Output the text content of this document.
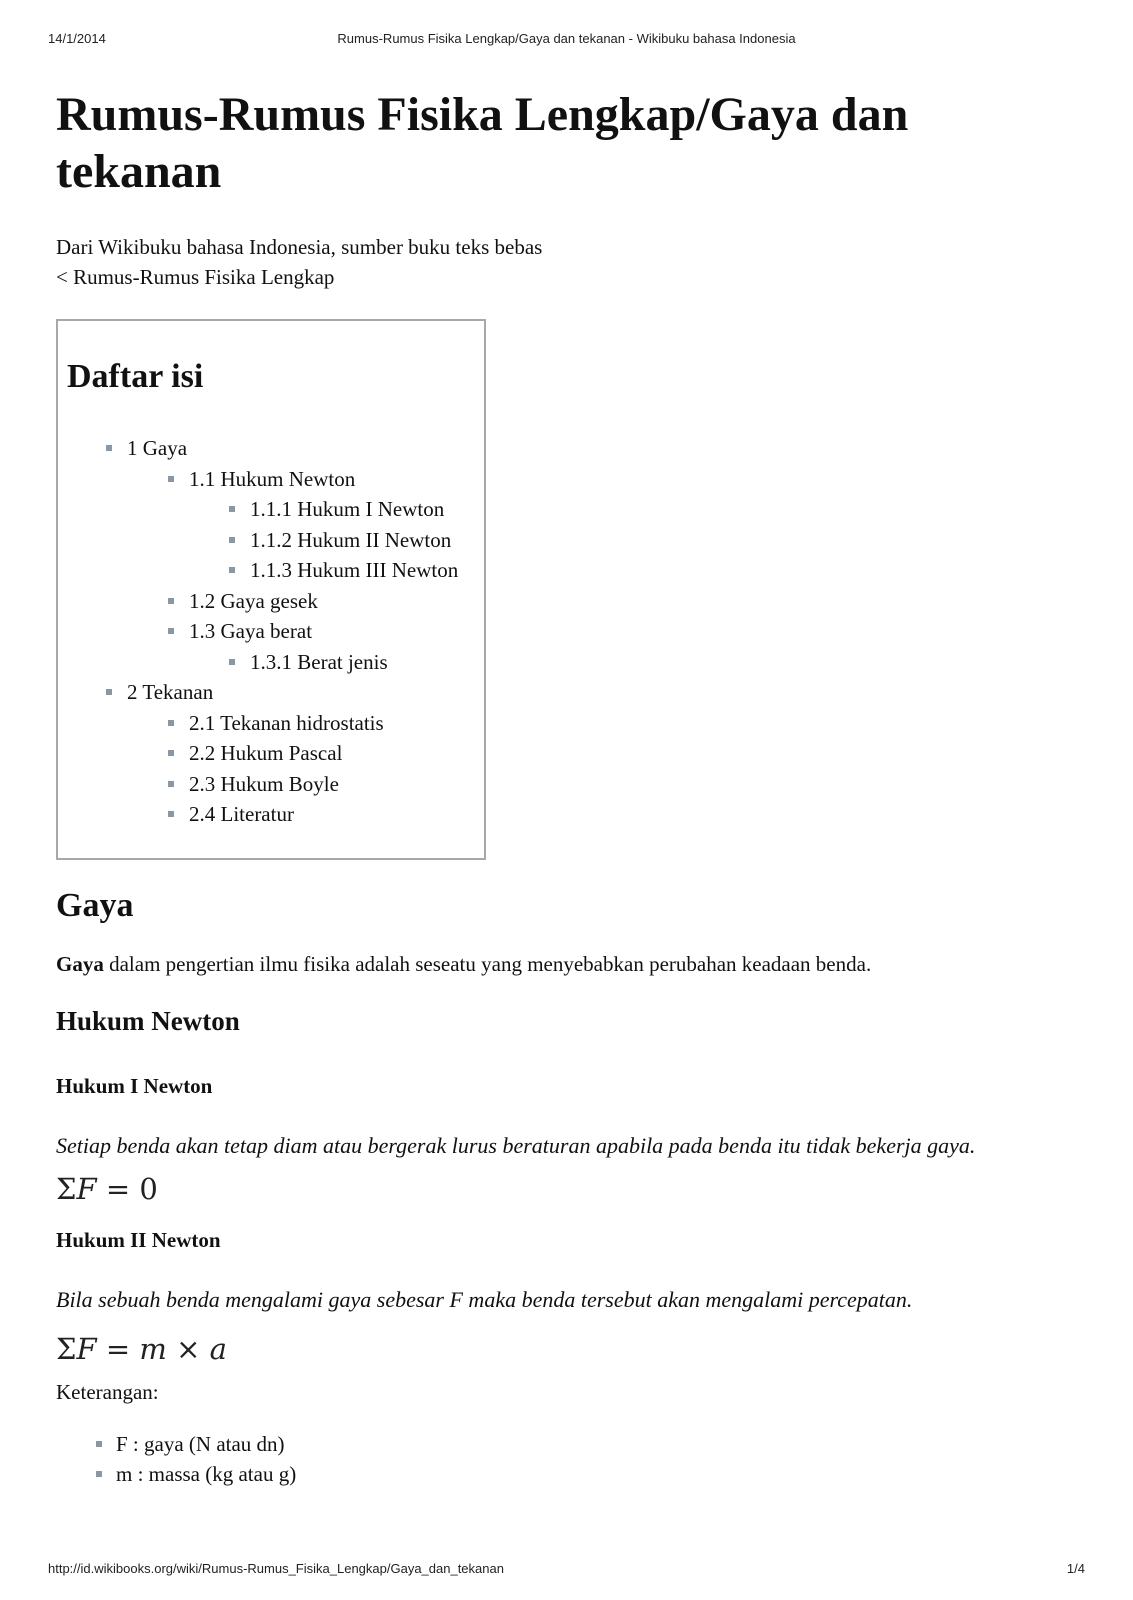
14/1/2014	Rumus-Rumus Fisika Lengkap/Gaya dan tekanan - Wikibuku bahasa Indonesia
Rumus-Rumus Fisika Lengkap/Gaya dan tekanan
Dari Wikibuku bahasa Indonesia, sumber buku teks bebas
< Rumus-Rumus Fisika Lengkap
Daftar isi
1 Gaya
1.1 Hukum Newton
1.1.1 Hukum I Newton
1.1.2 Hukum II Newton
1.1.3 Hukum III Newton
1.2 Gaya gesek
1.3 Gaya berat
1.3.1 Berat jenis
2 Tekanan
2.1 Tekanan hidrostatis
2.2 Hukum Pascal
2.3 Hukum Boyle
2.4 Literatur
Gaya

Gaya dalam pengertian ilmu fisika adalah seseatu yang menyebabkan perubahan keadaan benda.

Hukum Newton
Hukum I Newton

Setiap benda akan tetap diam atau bergerak lurus beraturan apabila pada benda itu tidak bekerja gaya.

ΣF = 0

Hukum II Newton

Bila sebuah benda mengalami gaya sebesar F maka benda tersebut akan mengalami percepatan.

ΣF = m × a

Keterangan:

F : gaya (N atau dn)
m : massa (kg atau g)
http://id.wikibooks.org/wiki/Rumus-Rumus_Fisika_Lengkap/Gaya_dan_tekanan	1/4
